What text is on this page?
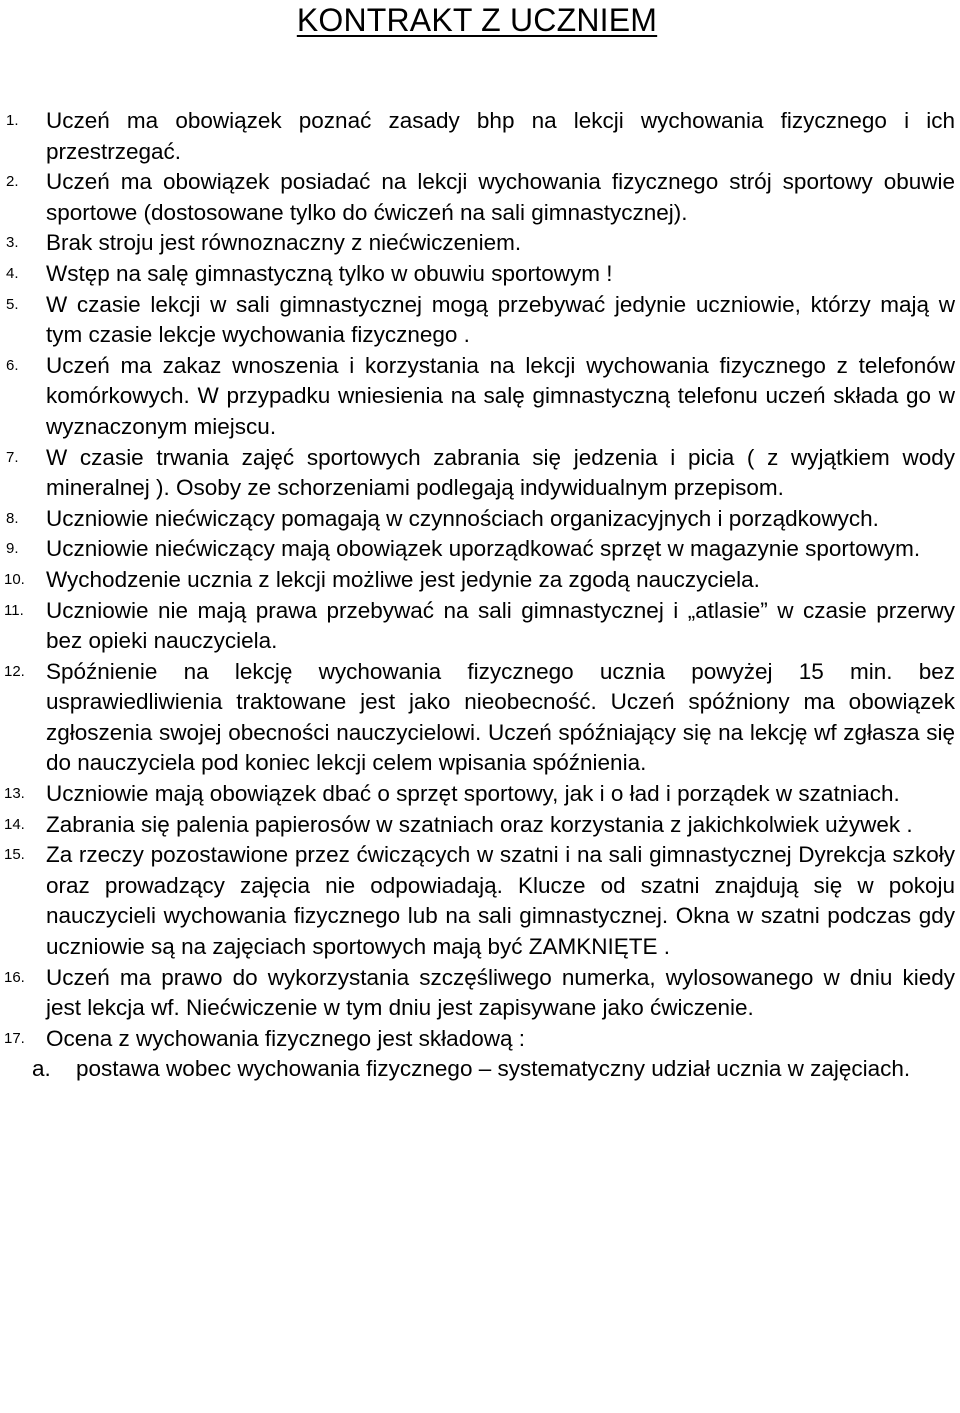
KONTRAKT Z UCZNIEM
1. Uczeń ma obowiązek poznać zasady bhp na lekcji wychowania fizycznego i ich przestrzegać.
2. Uczeń ma obowiązek posiadać na lekcji wychowania fizycznego strój sportowy obuwie sportowe (dostosowane tylko do ćwiczeń na sali gimnastycznej).
3. Brak stroju jest równoznaczny z niećwiczeniem.
4. Wstęp na salę gimnastyczną tylko w obuwiu sportowym !
5. W czasie lekcji w sali gimnastycznej mogą przebywać jedynie uczniowie, którzy mają w tym czasie lekcje wychowania fizycznego .
6. Uczeń ma zakaz wnoszenia i korzystania na lekcji wychowania fizycznego z telefonów komórkowych. W przypadku wniesienia na salę gimnastyczną telefonu uczeń składa go w wyznaczonym miejscu.
7. W czasie trwania zajęć sportowych zabrania się jedzenia i picia ( z wyjątkiem wody mineralnej ). Osoby ze schorzeniami podlegają indywidualnym przepisom.
8. Uczniowie niećwiczący pomagają w czynnościach organizacyjnych i porządkowych.
9. Uczniowie niećwiczący mają obowiązek uporządkować sprzęt w magazynie sportowym.
10. Wychodzenie ucznia z lekcji możliwe jest jedynie za zgodą nauczyciela.
11. Uczniowie nie mają prawa przebywać na sali gimnastycznej i „atlasie” w czasie przerwy bez opieki nauczyciela.
12. Spóźnienie na lekcję wychowania fizycznego ucznia powyżej 15 min. bez usprawiedliwienia traktowane jest jako nieobecność. Uczeń spóźniony ma obowiązek zgłoszenia swojej obecności nauczycielowi. Uczeń spóźniający się na lekcję wf zgłasza się do nauczyciela pod koniec lekcji celem wpisania spóźnienia.
13. Uczniowie mają obowiązek dbać o sprzęt sportowy, jak i o ład i porządek w szatniach.
14. Zabrania się palenia papierosów w szatniach oraz korzystania z jakichkolwiek używek .
15. Za rzeczy pozostawione przez ćwiczących w szatni i na sali gimnastycznej Dyrekcja szkoły oraz prowadzący zajęcia nie odpowiadają. Klucze od szatni znajdują się w pokoju nauczycieli wychowania fizycznego lub na sali gimnastycznej. Okna w szatni podczas gdy uczniowie są na zajęciach sportowych mają być ZAMKNIĘTE .
16. Uczeń ma prawo do wykorzystania szczęśliwego numerka, wylosowanego w dniu kiedy jest lekcja wf. Niećwiczenie w tym dniu jest zapisywane jako ćwiczenie.
17. Ocena z wychowania fizycznego jest składową :
a.	postawa wobec wychowania fizycznego – systematyczny udział ucznia w zajęciach.
